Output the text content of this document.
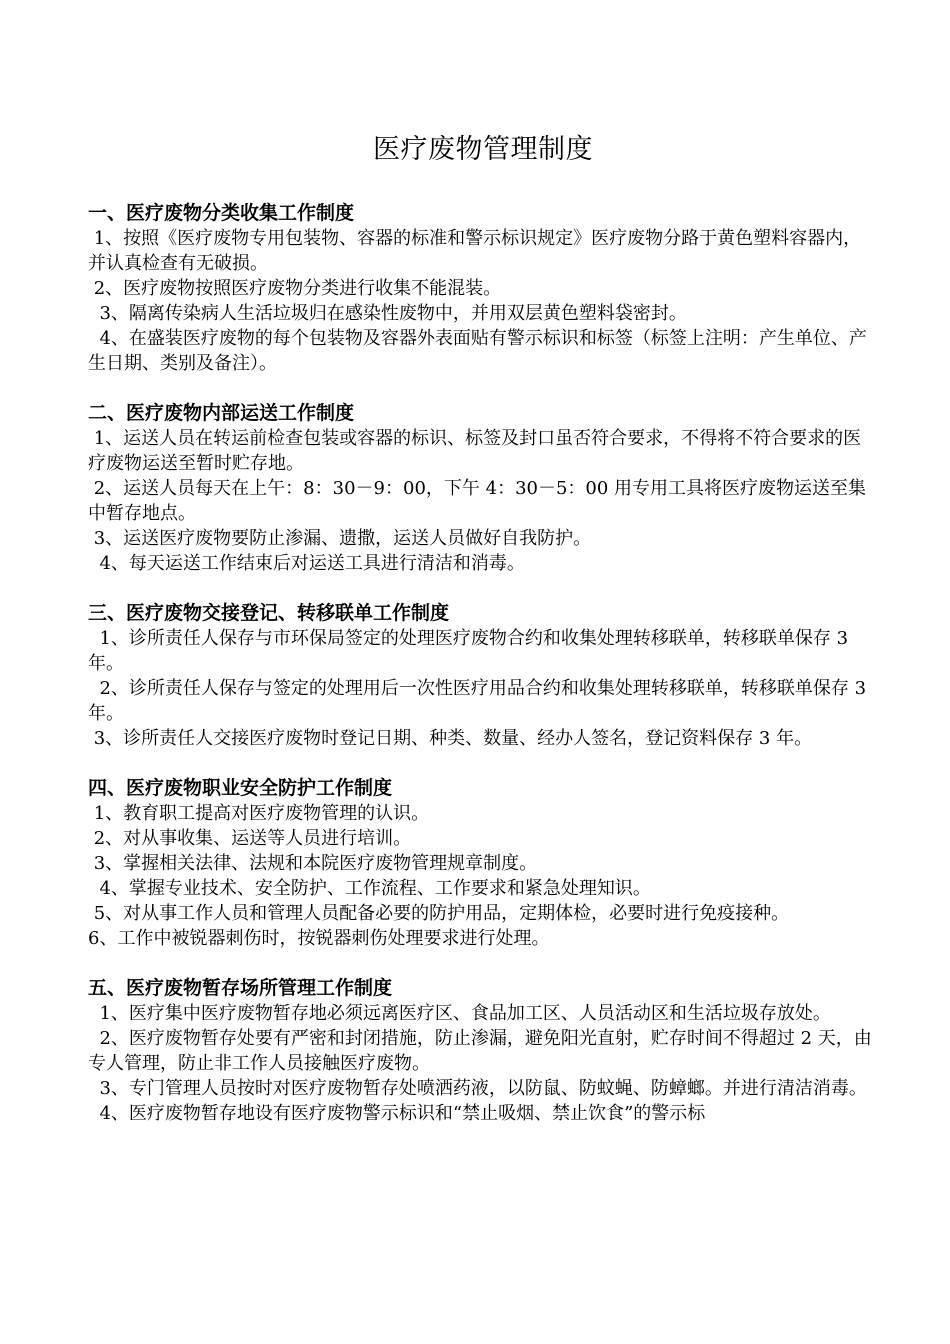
医疗废物管理制度

一、医疗废物分类收集工作制度

1、按照《医疗废物专用包装物、容器的标准和警示标识规定》医疗废物分路于黄色塑料容器内，并认真检查有无破损。

2、医疗废物按照医疗废物分类进行收集不能混装。

3、隔离传染病人生活垃圾归在感染性废物中，并用双层黄色塑料袋密封。

4、在盛装医疗废物的每个包装物及容器外表面贴有警示标识和标签（标签上注明：产生单位、产生日期、类别及备注）。

二、医疗废物内部运送工作制度

1、运送人员在转运前检查包装或容器的标识、标签及封口虽否符合要求，不得将不符合要求的医疗废物运送至暂时贮存地。

2、运送人员每天在上午：8：30－9：00，下午 4：30－5：00 用专用工具将医疗废物运送至集中暂存地点。

3、运送医疗废物要防止渗漏、遗撒，运送人员做好自我防护。

4、每天运送工作结束后对运送工具进行清洁和消毒。

三、医疗废物交接登记、转移联单工作制度

1、诊所责任人保存与市环保局签定的处理医疗废物合约和收集处理转移联单，转移联单保存 3 年。

2、诊所责任人保存与签定的处理用后一次性医疗用品合约和收集处理转移联单，转移联单保存 3 年。

3、诊所责任人交接医疗废物时登记日期、种类、数量、经办人签名，登记资料保存 3 年。

四、医疗废物职业安全防护工作制度

1、教育职工提高对医疗废物管理的认识。

2、对从事收集、运送等人员进行培训。

3、掌握相关法律、法规和本院医疗废物管理规章制度。

4、掌握专业技术、安全防护、工作流程、工作要求和紧急处理知识。

5、对从事工作人员和管理人员配备必要的防护用品，定期体检，必要时进行免疫接种。

6、工作中被锐器刺伤时，按锐器刺伤处理要求进行处理。

五、医疗废物暂存场所管理工作制度

1、医疗集中医疗废物暂存地必须远离医疗区、食品加工区、人员活动区和生活垃圾存放处。

2、医疗废物暂存处要有严密和封闭措施，防止渗漏，避免阳光直射，贮存时间不得超过 2 天，由专人管理，防止非工作人员接触医疗废物。

3、专门管理人员按时对医疗废物暂存处喷洒药液，以防鼠、防蚊蝇、防蟑螂。并进行清洁消毒。

4、医疗废物暂存地设有医疗废物警示标识和“禁止吸烟、禁止饮食”的警示标
